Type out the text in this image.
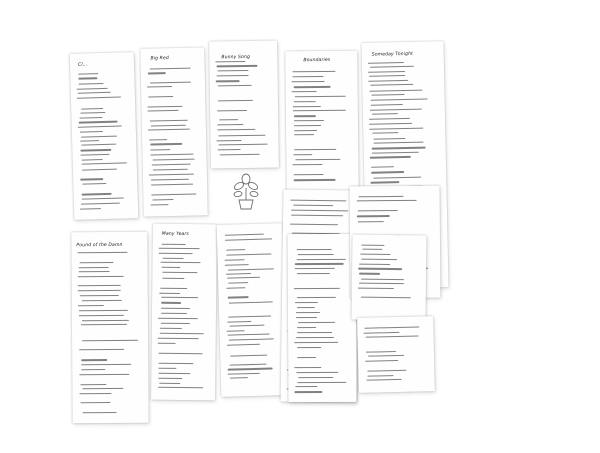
Cl...
Big Red	Bunny Song
Boundaries
Someday Tonight
Pound of the Damn
Many Years
